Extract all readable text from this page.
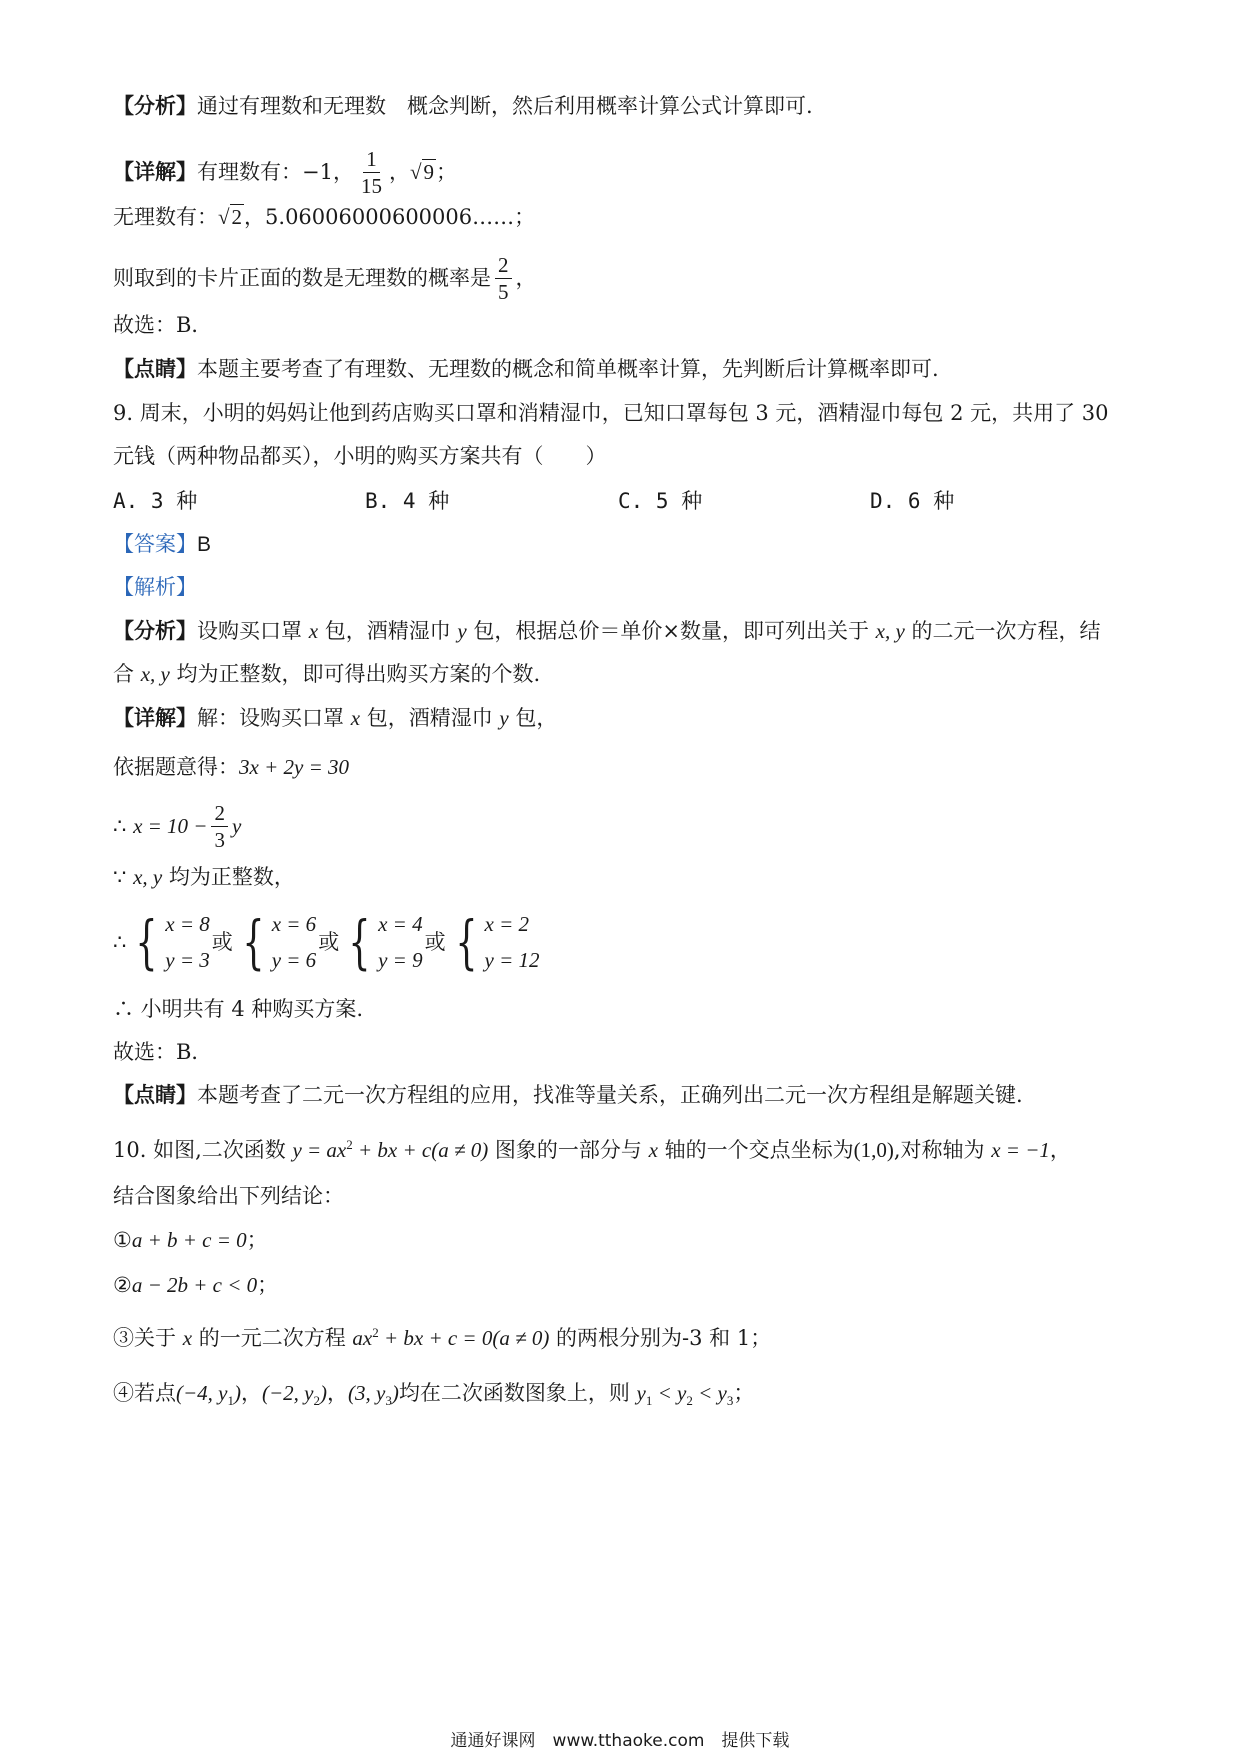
【分析】通过有理数和无理数　概念判断，然后利用概率计算公式计算即可.
【详解】 有理数有：−1， $\frac{1}{15}$ ， √9 ；
无理数有：√2，5.06006000600006……；
则取到的卡片正面的数是无理数的概率是 $\frac{2}{5}$ ，
故选：B．
【点睛】本题主要考查了有理数、无理数的概念和简单概率计算，先判断后计算概率即可.
9. 周末，小明的妈妈让他到药店购买口罩和消精湿巾，已知口罩每包 3 元，酒精湿巾每包 2 元，共用了 30
元钱（两种物品都买），小明的购买方案共有（　　）
A. 3 种	B. 4 种	C. 5 种	D. 6 种
【答案】B
【解析】
【分析】设购买口罩 x 包，酒精湿巾 y 包，根据总价＝单价×数量，即可列出关于 x, y 的二元一次方程，结
合 x, y 均为正整数，即可得出购买方案的个数.
【详解】解：设购买口罩 x 包，酒精湿巾 y 包，
依据题意得：3x + 2y = 30
∴
$x = 10 - \frac{2}{3}$ y
∵ x, y 均为正整数，
∴ { x = 8
y = 3
或 { x = 6
y = 6
或 { x = 4
y = 9
或 { x = 2
y = 12
∴ 小明共有 4 种购买方案.
故选：B．
【点睛】本题考查了二元一次方程组的应用，找准等量关系，正确列出二元一次方程组是解题关键.
10. 如图,二次函数 $y = ax^2$ + bx + c(a ≠ 0) 图象的一部分与 x 轴的一个交点坐标为(1,0),对称轴为 x = −1，
结合图象给出下列结论：
①a + b + c = 0；
②a − 2b + c < 0；
③关于 x 的一元二次方程 $ax^2$ + bx + c = 0(a ≠ 0) 的两根分别为-3 和 1；
④若点(−4, $y_1$)，(−2, $y_2$)，(3, $y_3$)均在二次函数图象上，则 $y_1 < y_2 < y_3$；
通通好课网　www.tthaoke.com　提供下载
